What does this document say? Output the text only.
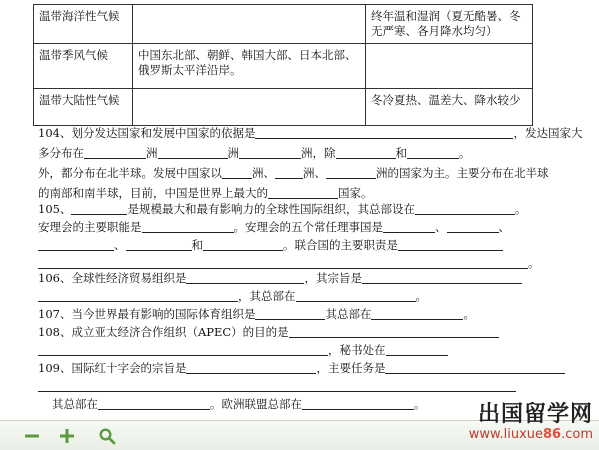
温带海洋性气候		终年温和湿润（夏无酷暑、冬无严寒、各月降水均匀）
温带季风气候	中国东北部、朝鲜、韩国大部、日本北部、俄罗斯太平洋沿岸。	
温带大陆性气候		冬冷夏热、温差大、降水较少
104、划分发达国家和发展中国家的依据是	，发达国家大
多分布在	洲	洲	洲，除	和	。
外，都分布在北半球。发展中国家以	洲、 洲、	洲的国家为主。主要分布在北半球
的南部和南半球，目前，中国是世界上最大的	国家。
105、	是规模最大和最有影响力的全球性国际组织，其总部设在	。
安理会的主要职能是	。安理会的五个常任理事国是	、	、
、	和	。联合国的主要职责是
。
106、全球性经济贸易组织是	，其宗旨是
，其总部在	。
107、当今世界最有影响的国际体育组织是	其总部在	。
108、成立亚太经济合作组织（APEC）的目的是
，秘书处在
109、国际红十字会的宗旨是	，主要任务是
其总部在	。欧洲联盟总部在	。	出国留学网
www.liuxue86.com
